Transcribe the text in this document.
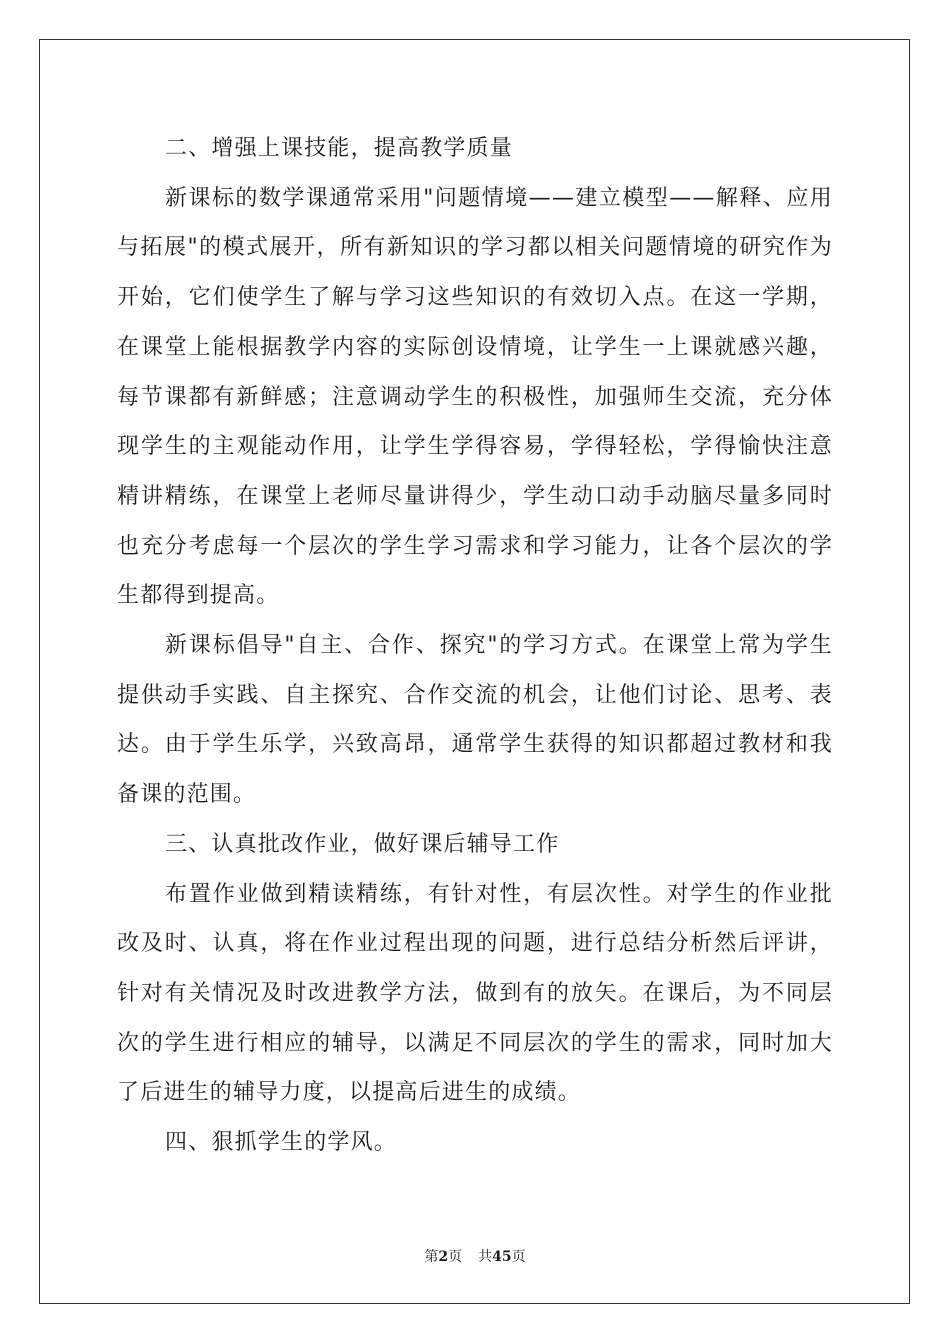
二、增强上课技能，提高教学质量

新课标的数学课通常采用"问题情境——建立模型——解释、应用与拓展"的模式展开，所有新知识的学习都以相关问题情境的研究作为开始，它们使学生了解与学习这些知识的有效切入点。在这一学期，在课堂上能根据教学内容的实际创设情境，让学生一上课就感兴趣，每节课都有新鲜感；注意调动学生的积极性，加强师生交流，充分体现学生的主观能动作用，让学生学得容易，学得轻松，学得愉快注意精讲精练，在课堂上老师尽量讲得少，学生动口动手动脑尽量多同时也充分考虑每一个层次的学生学习需求和学习能力，让各个层次的学生都得到提高。

新课标倡导"自主、合作、探究"的学习方式。在课堂上常为学生提供动手实践、自主探究、合作交流的机会，让他们讨论、思考、表达。由于学生乐学，兴致高昂，通常学生获得的知识都超过教材和我备课的范围。

三、认真批改作业，做好课后辅导工作

布置作业做到精读精练，有针对性，有层次性。对学生的作业批改及时、认真，将在作业过程出现的问题，进行总结分析然后评讲，针对有关情况及时改进教学方法，做到有的放矢。在课后，为不同层次的学生进行相应的辅导，以满足不同层次的学生的需求，同时加大了后进生的辅导力度，以提高后进生的成绩。

四、狠抓学生的学风。

第2页 共45页
